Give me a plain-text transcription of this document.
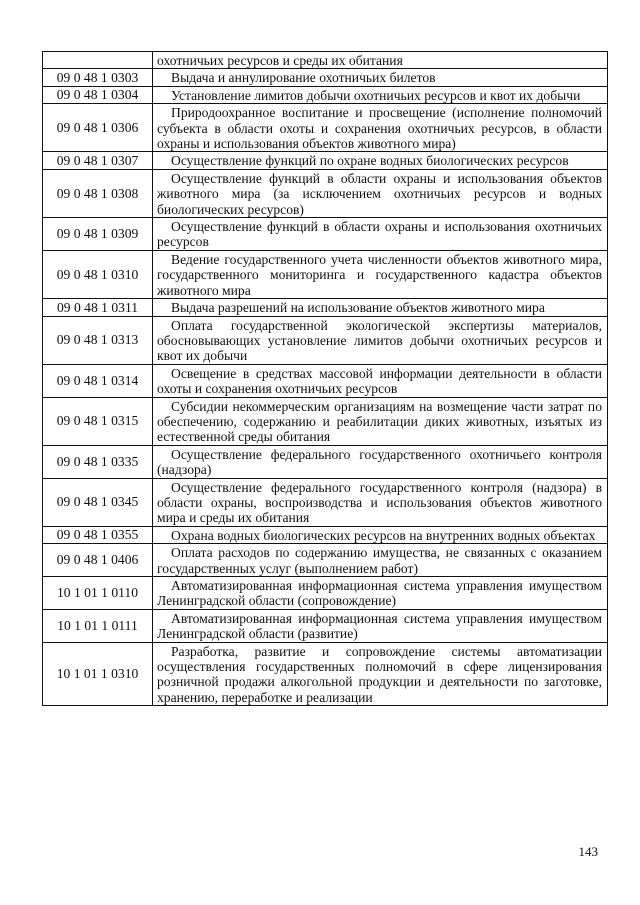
	охотничьих ресурсов и среды их обитания
09 0 48 1 0303	Выдача и аннулирование охотничьих билетов
09 0 48 1 0304	Установление лимитов добычи охотничьих ресурсов и квот их добычи
09 0 48 1 0306	Природоохранное воспитание и просвещение (исполнение полномочий субъекта в области охоты и сохранения охотничьих ресурсов, в области охраны и использования объектов животного мира)
09 0 48 1 0307	Осуществление функций по охране водных биологических ресурсов
09 0 48 1 0308	Осуществление функций в области охраны и использования объектов животного мира (за исключением охотничьих ресурсов и водных биологических ресурсов)
09 0 48 1 0309	Осуществление функций в области охраны и использования охотничьих ресурсов
09 0 48 1 0310	Ведение государственного учета численности объектов животного мира, государственного мониторинга и государственного кадастра объектов животного мира
09 0 48 1 0311	Выдача разрешений на использование объектов животного мира
09 0 48 1 0313	Оплата государственной экологической экспертизы материалов, обосновывающих установление лимитов добычи охотничьих ресурсов и квот их добычи
09 0 48 1 0314	Освещение в средствах массовой информации деятельности в области охоты и сохранения охотничьих ресурсов
09 0 48 1 0315	Субсидии некоммерческим организациям на возмещение части затрат по обеспечению, содержанию и реабилитации диких животных, изъятых из естественной среды обитания
09 0 48 1 0335	Осуществление федерального государственного охотничьего контроля (надзора)
09 0 48 1 0345	Осуществление федерального государственного контроля (надзора) в области охраны, воспроизводства и использования объектов животного мира и среды их обитания
09 0 48 1 0355	Охрана водных биологических ресурсов на внутренних водных объектах
09 0 48 1 0406	Оплата расходов по содержанию имущества, не связанных с оказанием государственных услуг (выполнением работ)
10 1 01 1 0110	Автоматизированная информационная система управления имуществом Ленинградской области (сопровождение)
10 1 01 1 0111	Автоматизированная информационная система управления имуществом Ленинградской области (развитие)
10 1 01 1 0310	Разработка, развитие и сопровождение системы автоматизации осуществления государственных полномочий в сфере лицензирования розничной продажи алкогольной продукции и деятельности по заготовке, хранению, переработке и реализации
143
